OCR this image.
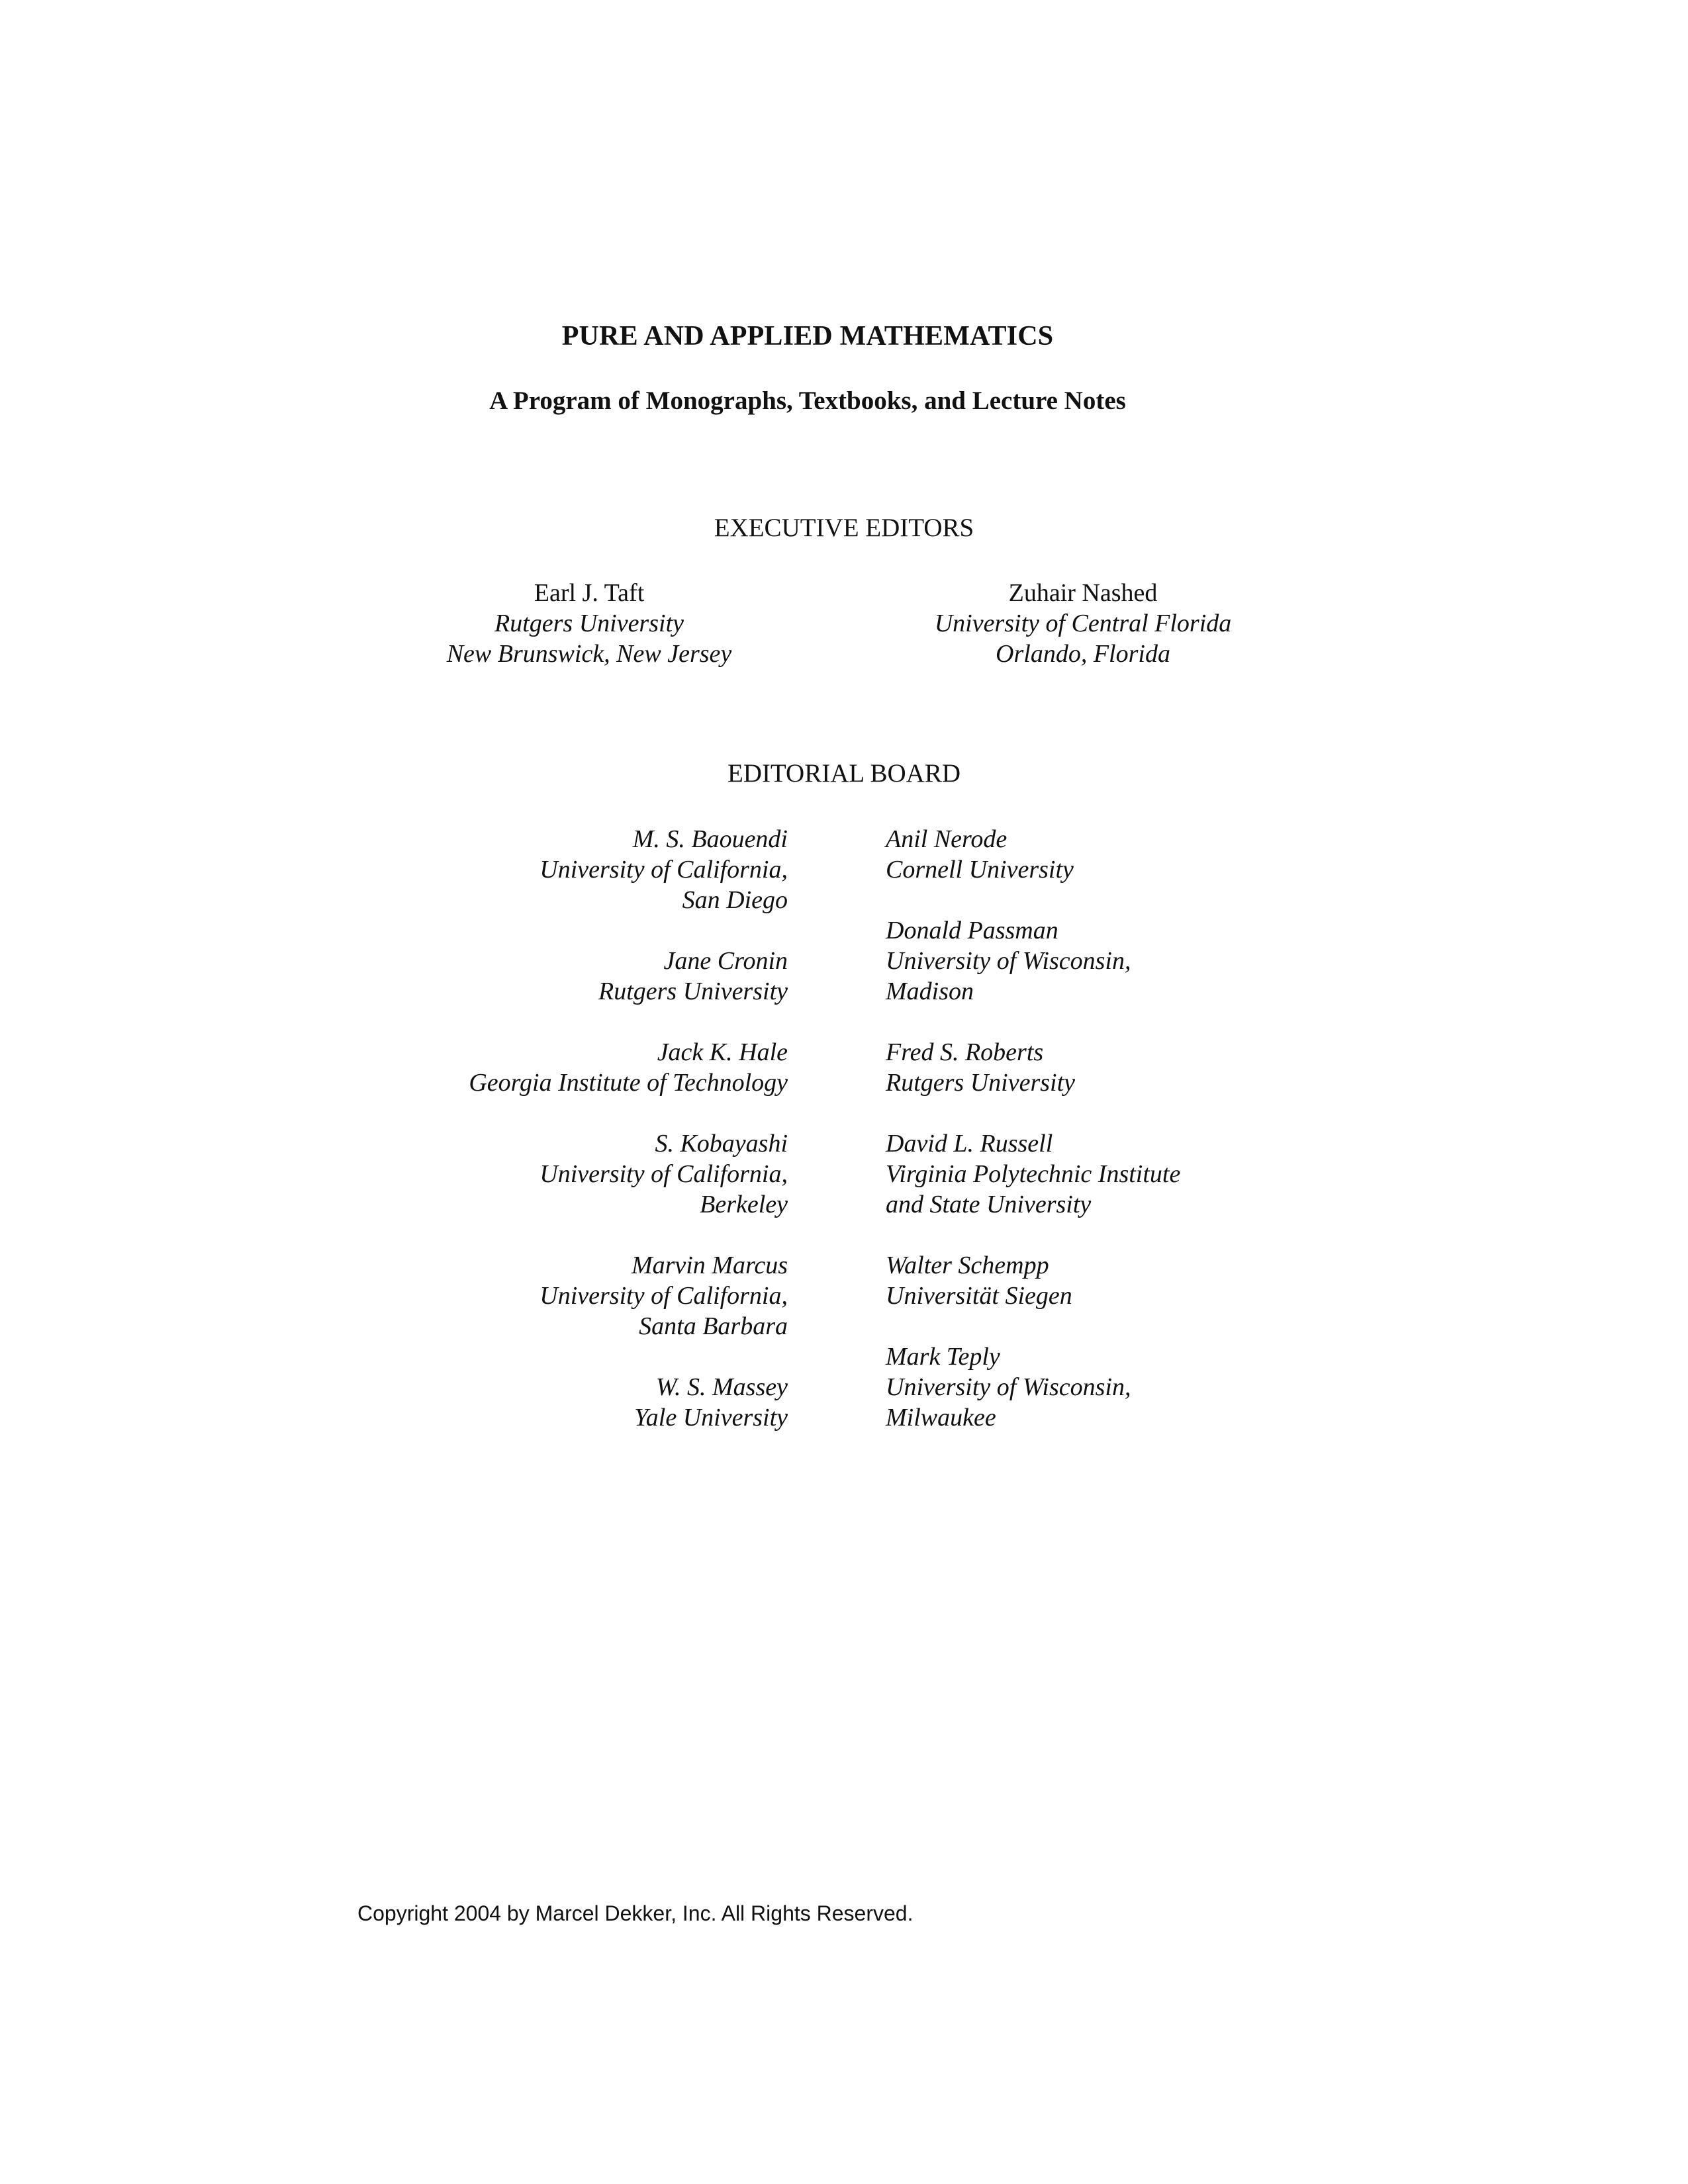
PURE AND APPLIED MATHEMATICS
A Program of Monographs, Textbooks, and Lecture Notes
EXECUTIVE EDITORS
Earl J. Taft
Rutgers University
New Brunswick, New Jersey
Zuhair Nashed
University of Central Florida
Orlando, Florida
EDITORIAL BOARD
M. S. Baouendi
University of California,
San Diego
Jane Cronin
Rutgers University
Jack K. Hale
Georgia Institute of Technology
S. Kobayashi
University of California,
Berkeley
Marvin Marcus
University of California,
Santa Barbara
W. S. Massey
Yale University
Anil Nerode
Cornell University
Donald Passman
University of Wisconsin,
Madison
Fred S. Roberts
Rutgers University
David L. Russell
Virginia Polytechnic Institute
and State University
Walter Schempp
Universität Siegen
Mark Teply
University of Wisconsin,
Milwaukee
Copyright 2004 by Marcel Dekker, Inc. All Rights Reserved.
